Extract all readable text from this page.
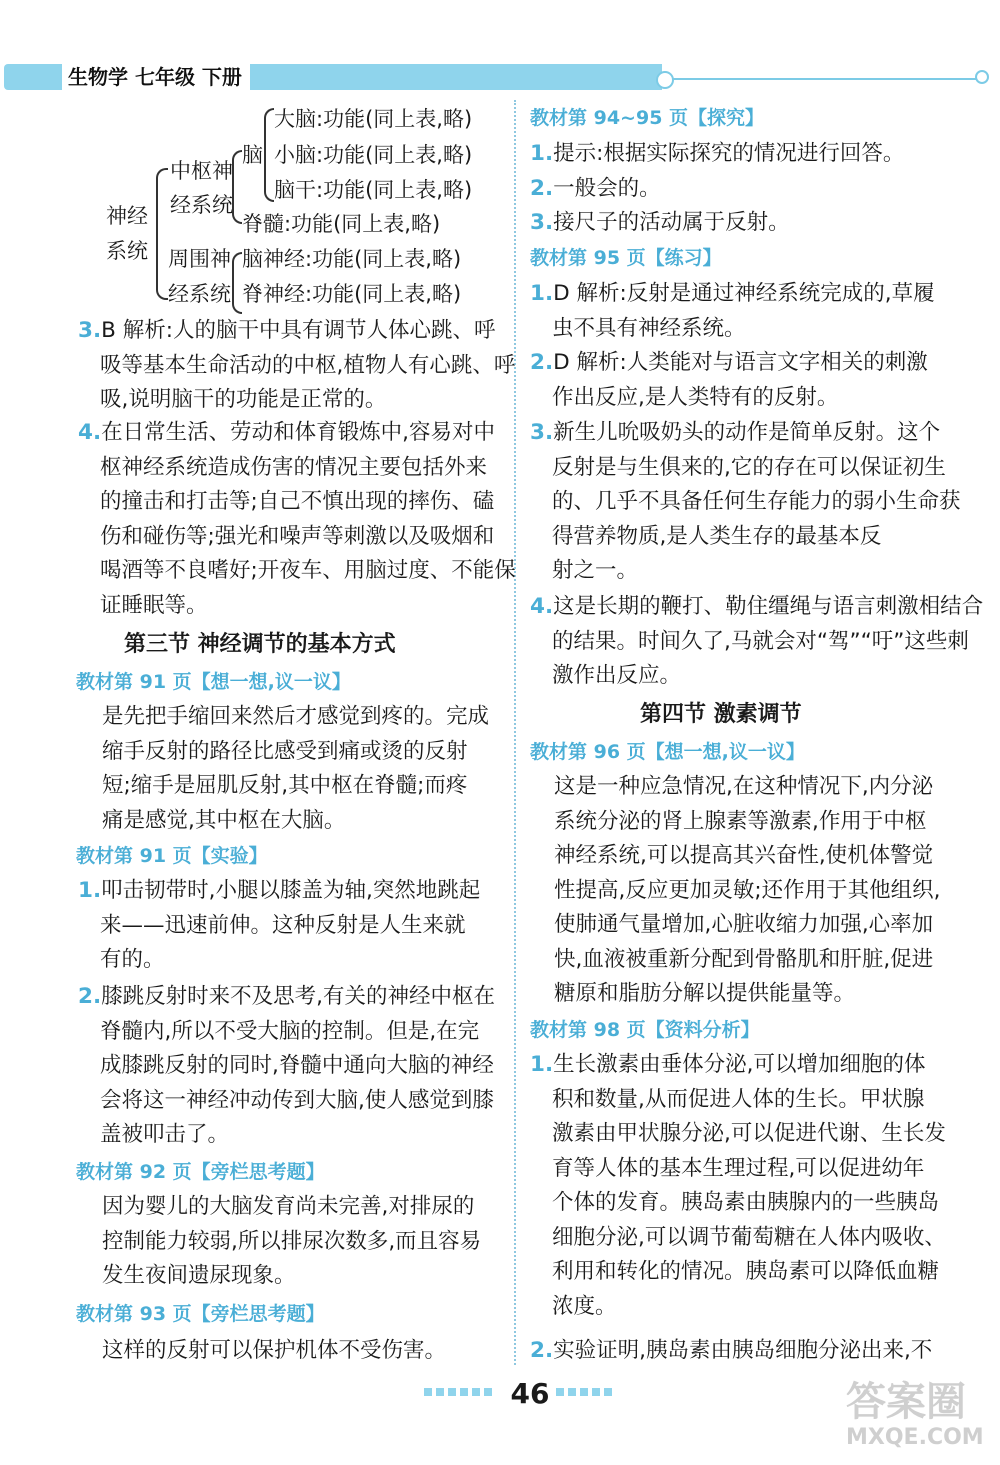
生物学 七年级 下册
神经
系统
中枢神
经系统
脑
大脑:功能(同上表,略)
小脑:功能(同上表,略)
脑干:功能(同上表,略)
脊髓:功能(同上表,略)
周围神
经系统
脑神经:功能(同上表,略)
脊神经:功能(同上表,略)
3.B 解析:人的脑干中具有调节人体心跳、呼
吸等基本生命活动的中枢,植物人有心跳、呼
吸,说明脑干的功能是正常的。
4.在日常生活、劳动和体育锻炼中,容易对中
枢神经系统造成伤害的情况主要包括外来
的撞击和打击等;自己不慎出现的摔伤、磕
伤和碰伤等;强光和噪声等刺激以及吸烟和
喝酒等不良嗜好;开夜车、用脑过度、不能保
证睡眠等。
第三节 神经调节的基本方式
教材第 91 页【想一想,议一议】
是先把手缩回来然后才感觉到疼的。完成
缩手反射的路径比感受到痛或烫的反射
短;缩手是屈肌反射,其中枢在脊髓;而疼
痛是感觉,其中枢在大脑。
教材第 91 页【实验】
1.叩击韧带时,小腿以膝盖为轴,突然地跳起
来——迅速前伸。这种反射是人生来就
有的。
2.膝跳反射时来不及思考,有关的神经中枢在
脊髓内,所以不受大脑的控制。但是,在完
成膝跳反射的同时,脊髓中通向大脑的神经
会将这一神经冲动传到大脑,使人感觉到膝
盖被叩击了。
教材第 92 页【旁栏思考题】
因为婴儿的大脑发育尚未完善,对排尿的
控制能力较弱,所以排尿次数多,而且容易
发生夜间遗尿现象。
教材第 93 页【旁栏思考题】
这样的反射可以保护机体不受伤害。
教材第 94~95 页【探究】
1.提示:根据实际探究的情况进行回答。
2.一般会的。
3.接尺子的活动属于反射。
教材第 95 页【练习】
1.D 解析:反射是通过神经系统完成的,草履
虫不具有神经系统。
2.D 解析:人类能对与语言文字相关的刺激
作出反应,是人类特有的反射。
3.新生儿吮吸奶头的动作是简单反射。这个
反射是与生俱来的,它的存在可以保证初生
的、几乎不具备任何生存能力的弱小生命获
得营养物质,是人类生存的最基本反
射之一。
4.这是长期的鞭打、勒住缰绳与语言刺激相结合
的结果。时间久了,马就会对“驾”“吁”这些刺
激作出反应。
第四节 激素调节
教材第 96 页【想一想,议一议】
这是一种应急情况,在这种情况下,内分泌
系统分泌的肾上腺素等激素,作用于中枢
神经系统,可以提高其兴奋性,使机体警觉
性提高,反应更加灵敏;还作用于其他组织,
使肺通气量增加,心脏收缩力加强,心率加
快,血液被重新分配到骨骼肌和肝脏,促进
糖原和脂肪分解以提供能量等。
教材第 98 页【资料分析】
1.生长激素由垂体分泌,可以增加细胞的体
积和数量,从而促进人体的生长。甲状腺
激素由甲状腺分泌,可以促进代谢、生长发
育等人体的基本生理过程,可以促进幼年
个体的发育。胰岛素由胰腺内的一些胰岛
细胞分泌,可以调节葡萄糖在人体内吸收、
利用和转化的情况。胰岛素可以降低血糖
浓度。
2.实验证明,胰岛素由胰岛细胞分泌出来,不
46	答案圈
MXQE.COM
